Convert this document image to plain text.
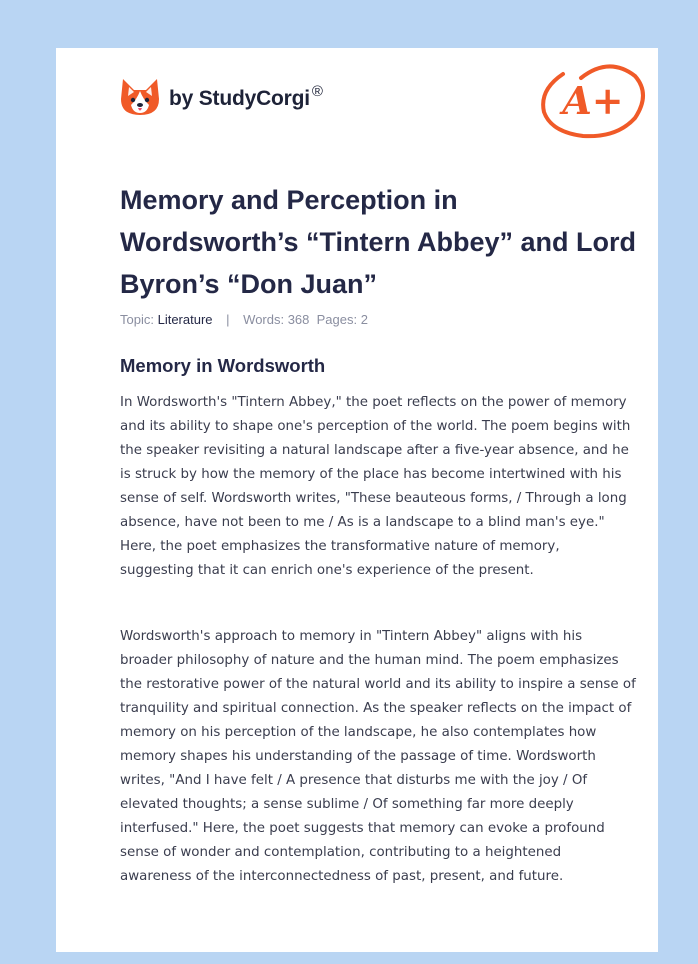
by StudyCorgi ®	A+
Memory and Perception in Wordsworth’s “Tintern Abbey” and Lord Byron’s “Don Juan”
Topic: Literature | Words: 368 Pages: 2
Memory in Wordsworth

In Wordsworth's "Tintern Abbey," the poet reflects on the power of memory and its ability to shape one's perception of the world. The poem begins with the speaker revisiting a natural landscape after a five-year absence, and he is struck by how the memory of the place has become intertwined with his sense of self. Wordsworth writes, "These beauteous forms, / Through a long absence, have not been to me / As is a landscape to a blind man's eye." Here, the poet emphasizes the transformative nature of memory, suggesting that it can enrich one's experience of the present.

Wordsworth's approach to memory in "Tintern Abbey" aligns with his broader philosophy of nature and the human mind. The poem emphasizes the restorative power of the natural world and its ability to inspire a sense of tranquility and spiritual connection. As the speaker reflects on the impact of memory on his perception of the landscape, he also contemplates how memory shapes his understanding of the passage of time. Wordsworth writes, "And I have felt / A presence that disturbs me with the joy / Of elevated thoughts; a sense sublime / Of something far more deeply interfused." Here, the poet suggests that memory can evoke a profound sense of wonder and contemplation, contributing to a heightened awareness of the interconnectedness of past, present, and future.
